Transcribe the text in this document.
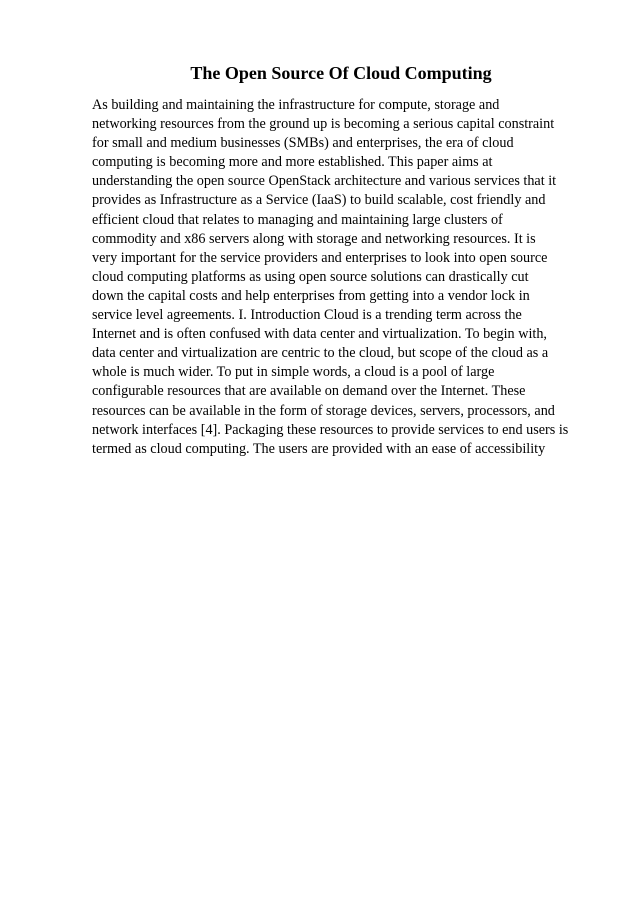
The Open Source Of Cloud Computing
As building and maintaining the infrastructure for compute, storage and
networking resources from the ground up is becoming a serious capital constraint
for small and medium businesses (SMBs) and enterprises, the era of cloud
computing is becoming more and more established. This paper aims at
understanding the open source OpenStack architecture and various services that it
provides as Infrastructure as a Service (IaaS) to build scalable, cost friendly and
efficient cloud that relates to managing and maintaining large clusters of
commodity and x86 servers along with storage and networking resources. It is
very important for the service providers and enterprises to look into open source
cloud computing platforms as using open source solutions can drastically cut
down the capital costs and help enterprises from getting into a vendor lock in
service level agreements. I. Introduction Cloud is a trending term across the
Internet and is often confused with data center and virtualization. To begin with,
data center and virtualization are centric to the cloud, but scope of the cloud as a
whole is much wider. To put in simple words, a cloud is a pool of large
configurable resources that are available on demand over the Internet. These
resources can be available in the form of storage devices, servers, processors, and
network interfaces [4]. Packaging these resources to provide services to end users is
termed as cloud computing. The users are provided with an ease of accessibility
